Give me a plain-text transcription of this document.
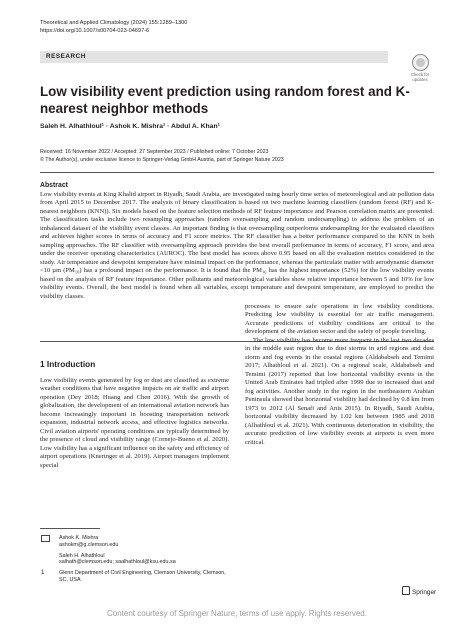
Theoretical and Applied Climatology (2024) 155:1289–1300
https://doi.org/10.1007/s00704-023-04697-6
RESEARCH
Check for updates
Low visibility event prediction using random forest and K-nearest neighbor methods
Saleh H. Alhathloul¹ · Ashok K. Mishra¹ · Abdul A. Khan¹
Received: 16 November 2022 / Accepted: 27 September 2023 / Published online: 7 October 2023
© The Author(s), under exclusive licence to Springer-Verlag GmbH Austria, part of Springer Nature 2023
Abstract
Low visibility events at King Khalid airport in Riyadh, Saudi Arabia, are investigated using hourly time series of meteorological and air pollution data from April 2015 to December 2017. The analysis of binary classification is based on two machine learning classifiers (random forest (RF) and K-nearest neighbors (KNN)). Six models based on the feature selection methods of RF feature importance and Pearson correlation matrix are presented. The classification tasks include two resampling approaches (random oversampling and random undersampling) to address the problem of an imbalanced dataset of the visibility event classes. An important finding is that oversampling outperforms undersampling for the evaluated classifiers and achieves higher scores in terms of accuracy and F1 score metrics. The RF classifier has a better performance compared to the KNN in both sampling approaches. The RF classifier with oversampling approach provides the best overall performance in terms of accuracy, F1 score, and area under the receiver operating characteristics (AUROC). The best model has scores above 0.95 based on all the evaluation metrics considered in the study. Air temperature and dewpoint temperature have minimal impact on the performance, whereas the particulate matter with aerodynamic diameter <10 µm (PM₁₀) has a profound impact on the performance. It is found that the PM₁₀ has the highest importance (52%) for the low visibility events based on the analysis of RF feature importance. Other pollutants and meteorological variables show relative importance between 5 and 10% for low visibility events. Overall, the best model is found when all variables, except temperature and dewpoint temperature, are employed to predict the visibility classes.
1 Introduction

Low visibility events generated by fog or dust are classified as extreme weather conditions that have negative impacts on air traffic and airport operation (Dey 2018; Huang and Chen 2016). With the growth of globalization, the development of an international aviation network has become increasingly important in boosting transportation network expansion, industrial network access, and effective logistics networks. Civil aviation airports' operating conditions are typically determined by the presence of cloud and visibility range (Cornejo-Bueno et al. 2020). Low visibility has a significant influence on the safety and efficiency of airport operations (Kneringer et al. 2019). Airport managers implement special

processes to ensure safe operations in low visibility conditions. Predicting low visibility is essential for air traffic management. Accurate predictions of visibility conditions are critical to the development of the aviation sector and the safety of people traveling.

The low visibility has become more frequent in the last two decades in the middle east region due to dust storms in arid regions and dust storm and fog events in the coastal regions (Aldababseh and Temimi 2017; Alhathloul et al. 2021). On a regional scale, Aldababseh and Temimi (2017) reported that low horizontal visibility events in the United Arab Emirates had tripled after 1999 due to increased dust and fog activities. Another study in the region in the northeastern Arabian Peninsula showed that horizontal visibility had declined by 0.8 km from 1973 to 2012 (Al Senafi and Anis 2015). In Riyadh, Saudi Arabia, horizontal visibility decreased by 1.02 km between 1985 and 2018 (Alhathloul et al. 2021). With continuous deterioration in visibility, the accurate prediction of low visibility events at airports is even more critical.

Ashok K. Mishra
ashokm@g.clemson.edu
Saleh H. Alhathloul
salhath@clemson.edu; saalhathloul@ksu.edu.sa
1	Glenn Department of Civil Engineering, Clemson University, Clemson, SC, USA
Springer
Content courtesy of Springer Nature, terms of use apply. Rights reserved.
